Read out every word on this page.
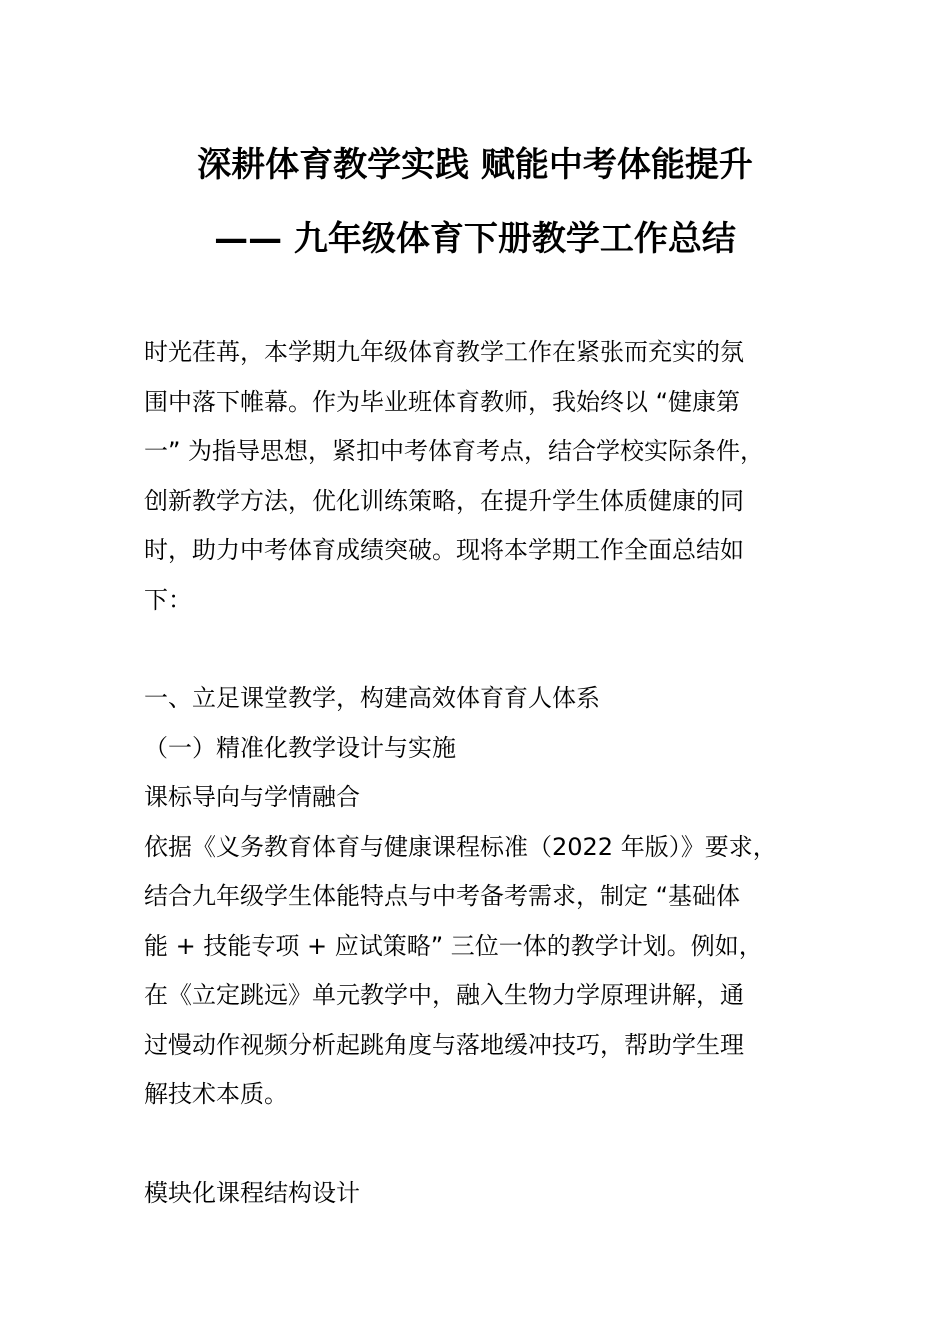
深耕体育教学实践 赋能中考体能提升
—— 九年级体育下册教学工作总结
时光荏苒，本学期九年级体育教学工作在紧张而充实的氛
围中落下帷幕。作为毕业班体育教师，我始终以 “健康第
一” 为指导思想，紧扣中考体育考点，结合学校实际条件，
创新教学方法，优化训练策略，在提升学生体质健康的同
时，助力中考体育成绩突破。现将本学期工作全面总结如
下：
一、立足课堂教学，构建高效体育育人体系
（一）精准化教学设计与实施
课标导向与学情融合
依据《义务教育体育与健康课程标准（2022 年版）》要求，
结合九年级学生体能特点与中考备考需求，制定 “基础体
能 + 技能专项 + 应试策略” 三位一体的教学计划。例如，
在《立定跳远》单元教学中，融入生物力学原理讲解，通
过慢动作视频分析起跳角度与落地缓冲技巧，帮助学生理
解技术本质。
模块化课程结构设计
